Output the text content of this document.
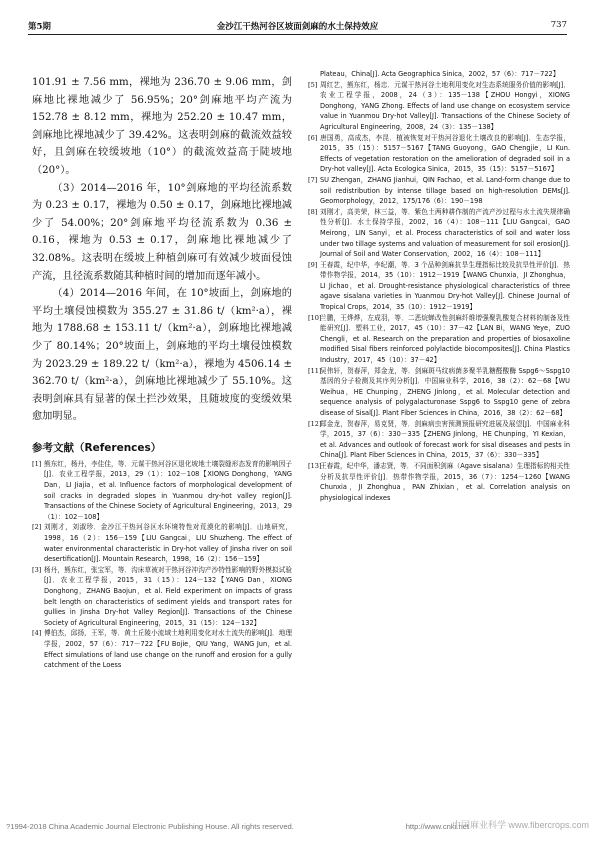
第5期	金沙江干热河谷区坡面剑麻的水土保持效应	737

101.91 ± 7.56 mm，裸地为 236.70 ± 9.06 mm，剑麻地比裸地减少了 56.95%；20°剑麻地平均产流为 152.78 ± 8.12 mm，裸地为 252.20 ± 10.47 mm，剑麻地比裸地减少了 39.42%。这表明剑麻的截流效益较好，且剑麻在较缓坡地（10°）的截流效益高于陡坡地（20°）。

（3）2014—2016 年，10°剑麻地的平均径流系数为 0.23 ± 0.17，裸地为 0.50 ± 0.17，剑麻地比裸地减少了 54.00%；20°剑麻地平均径流系数为 0.36 ± 0.16，裸地为 0.53 ± 0.17，剑麻地比裸地减少了 32.08%。这表明在缓坡上种植剑麻可有效减少坡面侵蚀产流，且径流系数随其种植时间的增加而逐年减小。

（4）2014—2016 年间，在 10°坡面上，剑麻地的平均土壤侵蚀模数为 355.27 ± 31.86 t/（km²·a），裸地为 1788.68 ± 153.11 t/（km²·a），剑麻地比裸地减少了 80.14%；20°坡面上，剑麻地的平均土壤侵蚀模数为 2023.29 ± 189.22 t/（km²·a），裸地为 4506.14 ± 362.70 t/（km²·a），剑麻地比裸地减少了 55.10%。这表明剑麻具有显著的保土拦沙效果，且随坡度的变缓效果愈加明显。

参考文献（References）
[1] 熊东红，杨丹，李佳佳，等．元谋干热河谷区退化坡地土壤裂缝形态发育的影响因子[J]．农业工程学报，2013，29（1）：102－108【XIONG Donghong，YANG Dan，LI Jiajia，et al. Influence factors of morphological development of soil cracks in degraded slopes in Yuanmou dry-hot valley region[J]. Transactions of the Chinese Society of Agricultural Engineering，2013，29（1）：102－108】
[2] 刘刚才，刘淑珍．金沙江干热河谷区水环境特性对荒漠化的影响[J]．山地研究，1998，16（2）：156－159【LIU Gangcai，LIU Shuzheng. The effect of water environmental characteristic in Dry-hot valley of Jinsha river on soil desertification[J]. Mountain Research，1998，16（2）：156－159】
[3] 杨丹，熊东红，张宝军，等．沟床草被对干热河谷冲沟产沙特性影响的野外模拟试验[J]．农业工程学报，2015，31（15）：124－132【YANG Dan，XIONG Donghong，ZHANG Baojun，et al. Field experiment on impacts of grass belt length on characteristics of sediment yields and transport rates for gullies in Jinsha Dry-hot Valley Region[J]. Transactions of the Chinese Society of Agricultural Engineering，2015，31（15）：124－132】
[4] 傅伯杰，邱扬，王军，等．黄土丘陵小流域土地利用变化对水土流失的影响[J]．地理学报，2002，57（6）：717－722【FU Bojie，QIU Yang，WANG Jun，et al. Effect simulations of land use change on the runoff and erosion for a gully catchment of the Loess
Plateau，China[J]. Acta Geographica Sinica，2002，57（6）：717－722】
[5] 周红艺，熊东红，杨忠．元谋干热河谷土地利用变化对生态系统服务价值的影响[J]．农业工程学报，2008，24（3）：135－138【ZHOU Hongyi，XIONG Donghong，YANG Zhong. Effects of land use change on ecosystem service value in Yuanmou Dry-hot Valley[J]. Transactions of the Chinese Society of Agricultural Engineering，2008，24（3）：135－138】
[6] 唐国勇，高成杰，李昆．植被恢复对干热河谷退化土壤改良的影响[J]．生态学报，2015，35（15）：5157－5167【TANG Guoyong，GAO Chengjie，LI Kun. Effects of vegetation restoration on the amelioration of degraded soil in a Dry-hot valley[J]. Acta Ecologica Sinica，2015，35（15）：5157－5167】
[7] SU Zhengan，ZHANG Jianhui，QIN Fachao，et al. Land-form change due to soil redistribution by intense tillage based on high-resolution DEMs[J]. Geomorphology，2012，175/176（6）：190－198
[8] 刘刚才，高美荣，林三益，等．紫色土两种耕作制的产流产沙过程与水土流失规律确性分析[J]．水土保持学报，2002，16（4）：108－111【LIU Gangcai，GAO Meirong，LIN Sanyi，et al. Process characteristics of soil and water loss under two tillage systems and valuation of measurement for soil erosion[J]. Journal of Soil and Water Conservation，2002，16（4）：108－111】
[9] 王春霞，纪中华，李纪潮，等．3 个品种剑麻抗旱生理指标比较及抗旱性评价[J]．热带作物学报，2014，35（10）：1912－1919【WANG Chunxia，JI Zhonghua，LI Jichao，et al. Drought-resistance physiological characteristics of three agave sisalana varieties in Yuanmou Dry-hot Valley[J]. Chinese Journal of Tropical Crops，2014，35（10）：1912－1919】
[10]
兰鹏，王烨烨，左成羽，等．二恶烷蝉改性剑麻纤维增强聚乳酸复合材料的制备及性能研究[J]．塑料工业，2017，45（10）：37－42【LAN Bi，WANG Yeye，ZUO Chengli，et al. Research on the preparation and properties of biosaxoline modified Sisal fibers reinforced polylactide biocomposites[J]. China Plastics Industry，2017，45（10）：37－42】
[11]
吴伟轩，贺春萍，郑金龙，等．剑麻斑马纹病菌多聚半乳糖醛酸酶 Sspg6～Sspg10 基因的分子检测及其序列分析[J]．中国麻业科学，2016，38（2）：62－68【WU Weihua，HE Chunping，ZHENG Jinlong，et al. Molecular detection and sequence analysis of polygalacturonase Sspg6 to Sspg10 gene of zebra disease of Sisal[J]. Plant Fiber Sciences in China，2016，38（2）：62－68】
[12]
郑金龙，贺春萍，易克贤，等．剑麻病虫害预测预报研究进展及展望[J]．中国麻业科学，2015，37（6）：330－335【ZHENG Jinlong，HE Chunping，YI Kexian，et al. Advances and outlook of forecast work for sisal diseases and pests in China[J]. Plant Fiber Sciences in China，2015，37（6）：330－335】
[13]
王春霞，纪中华，潘志贤，等．不同面积剑麻（Agave sisalana）生理指标的相关性分析及抗旱性评价[J]．热带作物学报，2015，36（7）：1254－1260【WANG Chunxia，JI Zhonghua，PAN Zhixian，et al. Correlation analysis on physiological indexes
?1994-2018 China Academic Journal Electronic Publishing House. All rights reserved.	http://www.cnki.net
中国麻业科学 www.fibercrops.com
